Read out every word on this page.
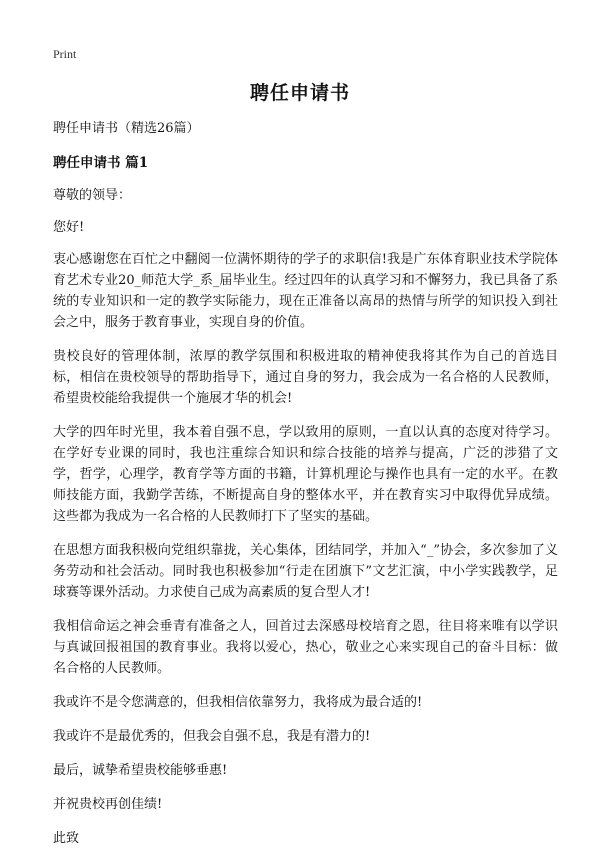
Print
聘任申请书

聘任申请书（精选26篇）

聘任申请书 篇1

尊敬的领导：

您好!

衷心感谢您在百忙之中翻阅一位满怀期待的学子的求职信!我是广东体育职业技术学院体育艺术专业20_师范大学_系_届毕业生。经过四年的认真学习和不懈努力，我已具备了系统的专业知识和一定的教学实际能力，现在正准备以高昂的热情与所学的知识投入到社会之中，服务于教育事业，实现自身的价值。

贵校良好的管理体制，浓厚的教学氛围和积极进取的精神使我将其作为自己的首选目标，相信在贵校领导的帮助指导下，通过自身的努力，我会成为一名合格的人民教师，希望贵校能给我提供一个施展才华的机会!

大学的四年时光里，我本着自强不息，学以致用的原则，一直以认真的态度对待学习。在学好专业课的同时，我也注重综合知识和综合技能的培养与提高，广泛的涉猎了文学，哲学，心理学，教育学等方面的书籍，计算机理论与操作也具有一定的水平。在教师技能方面，我勤学苦练，不断提高自身的整体水平，并在教育实习中取得优异成绩。这些都为我成为一名合格的人民教师打下了坚实的基础。

在思想方面我积极向党组织靠拢，关心集体，团结同学，并加入“_”协会，多次参加了义务劳动和社会活动。同时我也积极参加“行走在团旗下”文艺汇演，中小学实践教学，足球赛等课外活动。力求使自己成为高素质的复合型人才!

我相信命运之神会垂青有准备之人，回首过去深感母校培育之恩，往目将来唯有以学识与真诚回报祖国的教育事业。我将以爱心，热心，敬业之心来实现自己的奋斗目标：做名合格的人民教师。

我或许不是令您满意的，但我相信依靠努力，我将成为最合适的!

我或许不是最优秀的，但我会自强不息，我是有潜力的!

最后，诚挚希望贵校能够垂惠!

并祝贵校再创佳绩!

此致
